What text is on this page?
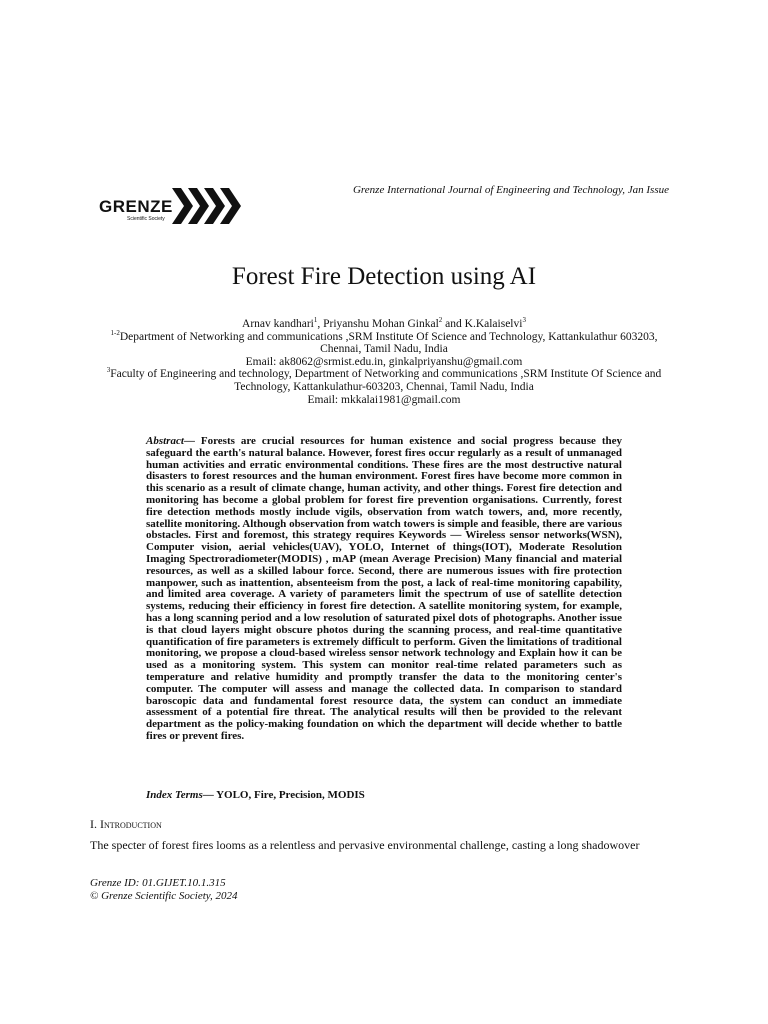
Grenze International Journal of Engineering and Technology, Jan Issue
GRENZE
Scientific Society
Forest Fire Detection using AI

Arnav kandhari$^1$, Priyanshu Mohan Ginkal$^2$ and K.Kalaiselvi$^3$

$^{1-2}$Department of Networking and communications ,SRM Institute Of Science and Technology, Kattankulathur 603203, Chennai, Tamil Nadu, India

Email: ak8062@srmist.edu.in, ginkalpriyanshu@gmail.com

$^3$Faculty of Engineering and technology, Department of Networking and communications ,SRM Institute Of Science and Technology, Kattankulathur-603203, Chennai, Tamil Nadu, India

Email: mkkalai1981@gmail.com

Abstract— Forests are crucial resources for human existence and social progress because they safeguard the earth's natural balance. However, forest fires occur regularly as a result of unmanaged human activities and erratic environmental conditions. These fires are the most destructive natural disasters to forest resources and the human environment. Forest fires have become more common in this scenario as a result of climate change, human activity, and other things. Forest fire detection and monitoring has become a global problem for forest fire prevention organisations. Currently, forest fire detection methods mostly include vigils, observation from watch towers, and, more recently, satellite monitoring. Although observation from watch towers is simple and feasible, there are various obstacles. First and foremost, this strategy requires Keywords — Wireless sensor networks(WSN), Computer vision, aerial vehicles(UAV), YOLO, Internet of things(IOT), Moderate Resolution Imaging Spectroradiometer(MODIS) , mAP (mean Average Precision) Many financial and material resources, as well as a skilled labour force. Second, there are numerous issues with fire protection manpower, such as inattention, absenteeism from the post, a lack of real-time monitoring capability, and limited area coverage. A variety of parameters limit the spectrum of use of satellite detection systems, reducing their efficiency in forest fire detection. A satellite monitoring system, for example, has a long scanning period and a low resolution of saturated pixel dots of photographs. Another issue is that cloud layers might obscure photos during the scanning process, and real-time quantitative quantification of fire parameters is extremely difficult to perform. Given the limitations of traditional monitoring, we propose a cloud-based wireless sensor network technology and Explain how it can be used as a monitoring system. This system can monitor real-time related parameters such as temperature and relative humidity and promptly transfer the data to the monitoring center's computer. The computer will assess and manage the collected data. In comparison to standard baroscopic data and fundamental forest resource data, the system can conduct an immediate assessment of a potential fire threat. The analytical results will then be provided to the relevant department as the policy-making foundation on which the department will decide whether to battle fires or prevent fires.

Index Terms— YOLO, Fire, Precision, MODIS

I. Introduction

The specter of forest fires looms as a relentless and pervasive environmental challenge, casting a long shadowover

Grenze ID: 01.GIJET.10.1.315

© Grenze Scientific Society, 2024
